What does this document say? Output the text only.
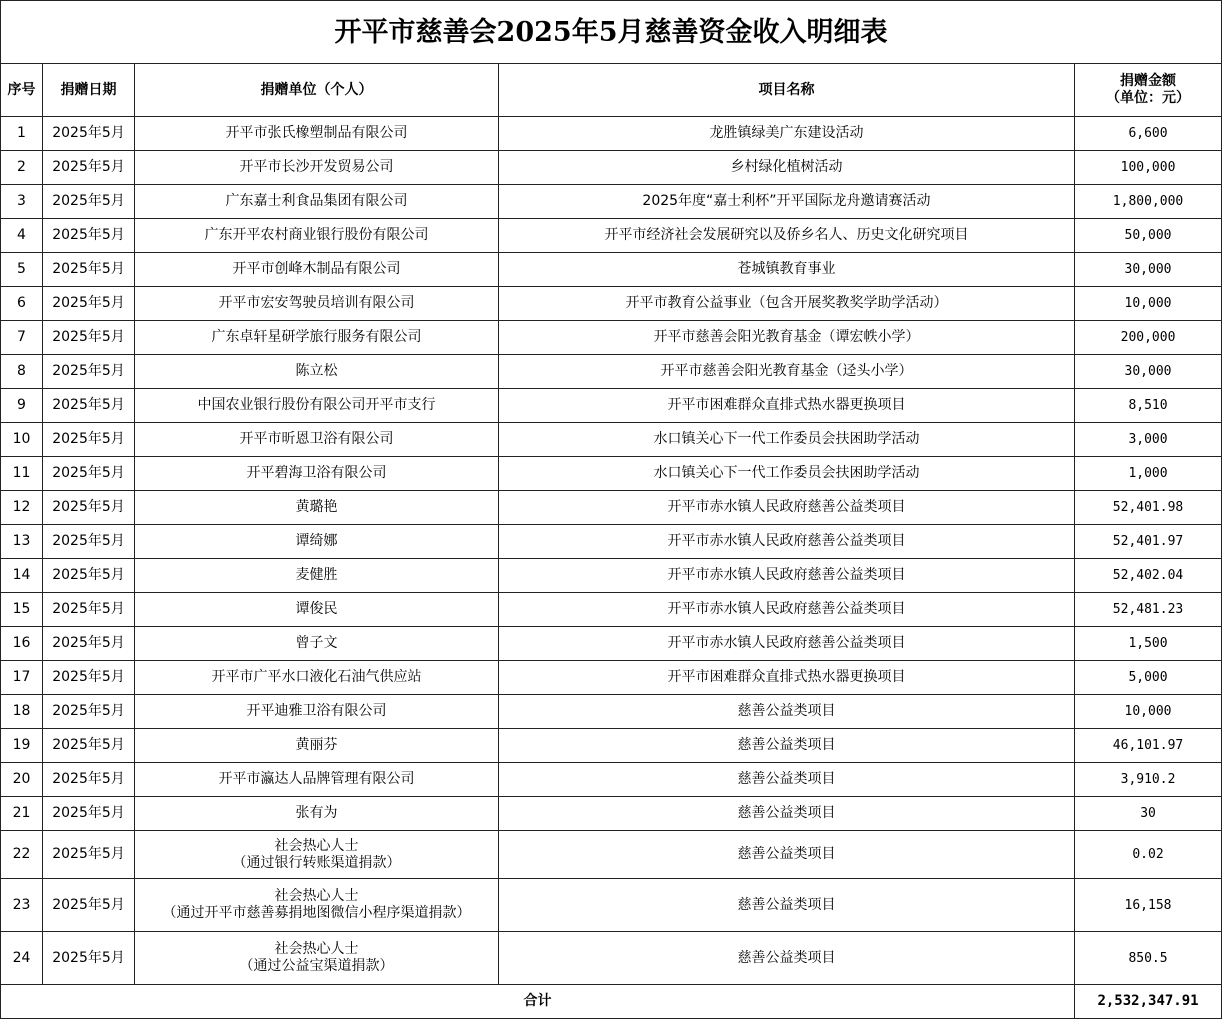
开平市慈善会2025年5月慈善资金收入明细表				
序号	捐赠日期	捐赠单位（个人）	项目名称	捐赠金额
（单位：元）

1	2025年5月	开平市张氏橡塑制品有限公司	龙胜镇绿美广东建设活动	6,600
2	2025年5月	开平市长沙开发贸易公司	乡村绿化植树活动	100,000
3	2025年5月	广东嘉士利食品集团有限公司	2025年度“嘉士利杯”开平国际龙舟邀请赛活动	1,800,000
4	2025年5月	广东开平农村商业银行股份有限公司	开平市经济社会发展研究以及侨乡名人、历史文化研究项目	50,000
5	2025年5月	开平市创峰木制品有限公司	苍城镇教育事业	30,000
6	2025年5月	开平市宏安驾驶员培训有限公司	开平市教育公益事业（包含开展奖教奖学助学活动）	10,000
7	2025年5月	广东卓轩星研学旅行服务有限公司	开平市慈善会阳光教育基金（谭宏帙小学）	200,000
8	2025年5月	陈立松	开平市慈善会阳光教育基金（迳头小学）	30,000
9	2025年5月	中国农业银行股份有限公司开平市支行	开平市困难群众直排式热水器更换项目	8,510
10	2025年5月	开平市昕恩卫浴有限公司	水口镇关心下一代工作委员会扶困助学活动	3,000
11	2025年5月	开平碧海卫浴有限公司	水口镇关心下一代工作委员会扶困助学活动	1,000
12	2025年5月	黄璐艳	开平市赤水镇人民政府慈善公益类项目	52,401.98
13	2025年5月	谭绮娜	开平市赤水镇人民政府慈善公益类项目	52,401.97
14	2025年5月	麦健胜	开平市赤水镇人民政府慈善公益类项目	52,402.04
15	2025年5月	谭俊民	开平市赤水镇人民政府慈善公益类项目	52,481.23
16	2025年5月	曾子文	开平市赤水镇人民政府慈善公益类项目	1,500
17	2025年5月	开平市广平水口液化石油气供应站	开平市困难群众直排式热水器更换项目	5,000
18	2025年5月	开平迪雅卫浴有限公司	慈善公益类项目	10,000
19	2025年5月	黄丽芬	慈善公益类项目	46,101.97
20	2025年5月	开平市瀛达人品牌管理有限公司	慈善公益类项目	3,910.2
21	2025年5月	张有为	慈善公益类项目	30
22	2025年5月	社会热心人士
（通过银行转账渠道捐款）	慈善公益类项目	0.02
23	2025年5月	社会热心人士
（通过开平市慈善募捐地图微信小程序渠道捐款）	慈善公益类项目	16,158
24	2025年5月	社会热心人士
（通过公益宝渠道捐款）	慈善公益类项目	850.5
合计				2,532,347.91
